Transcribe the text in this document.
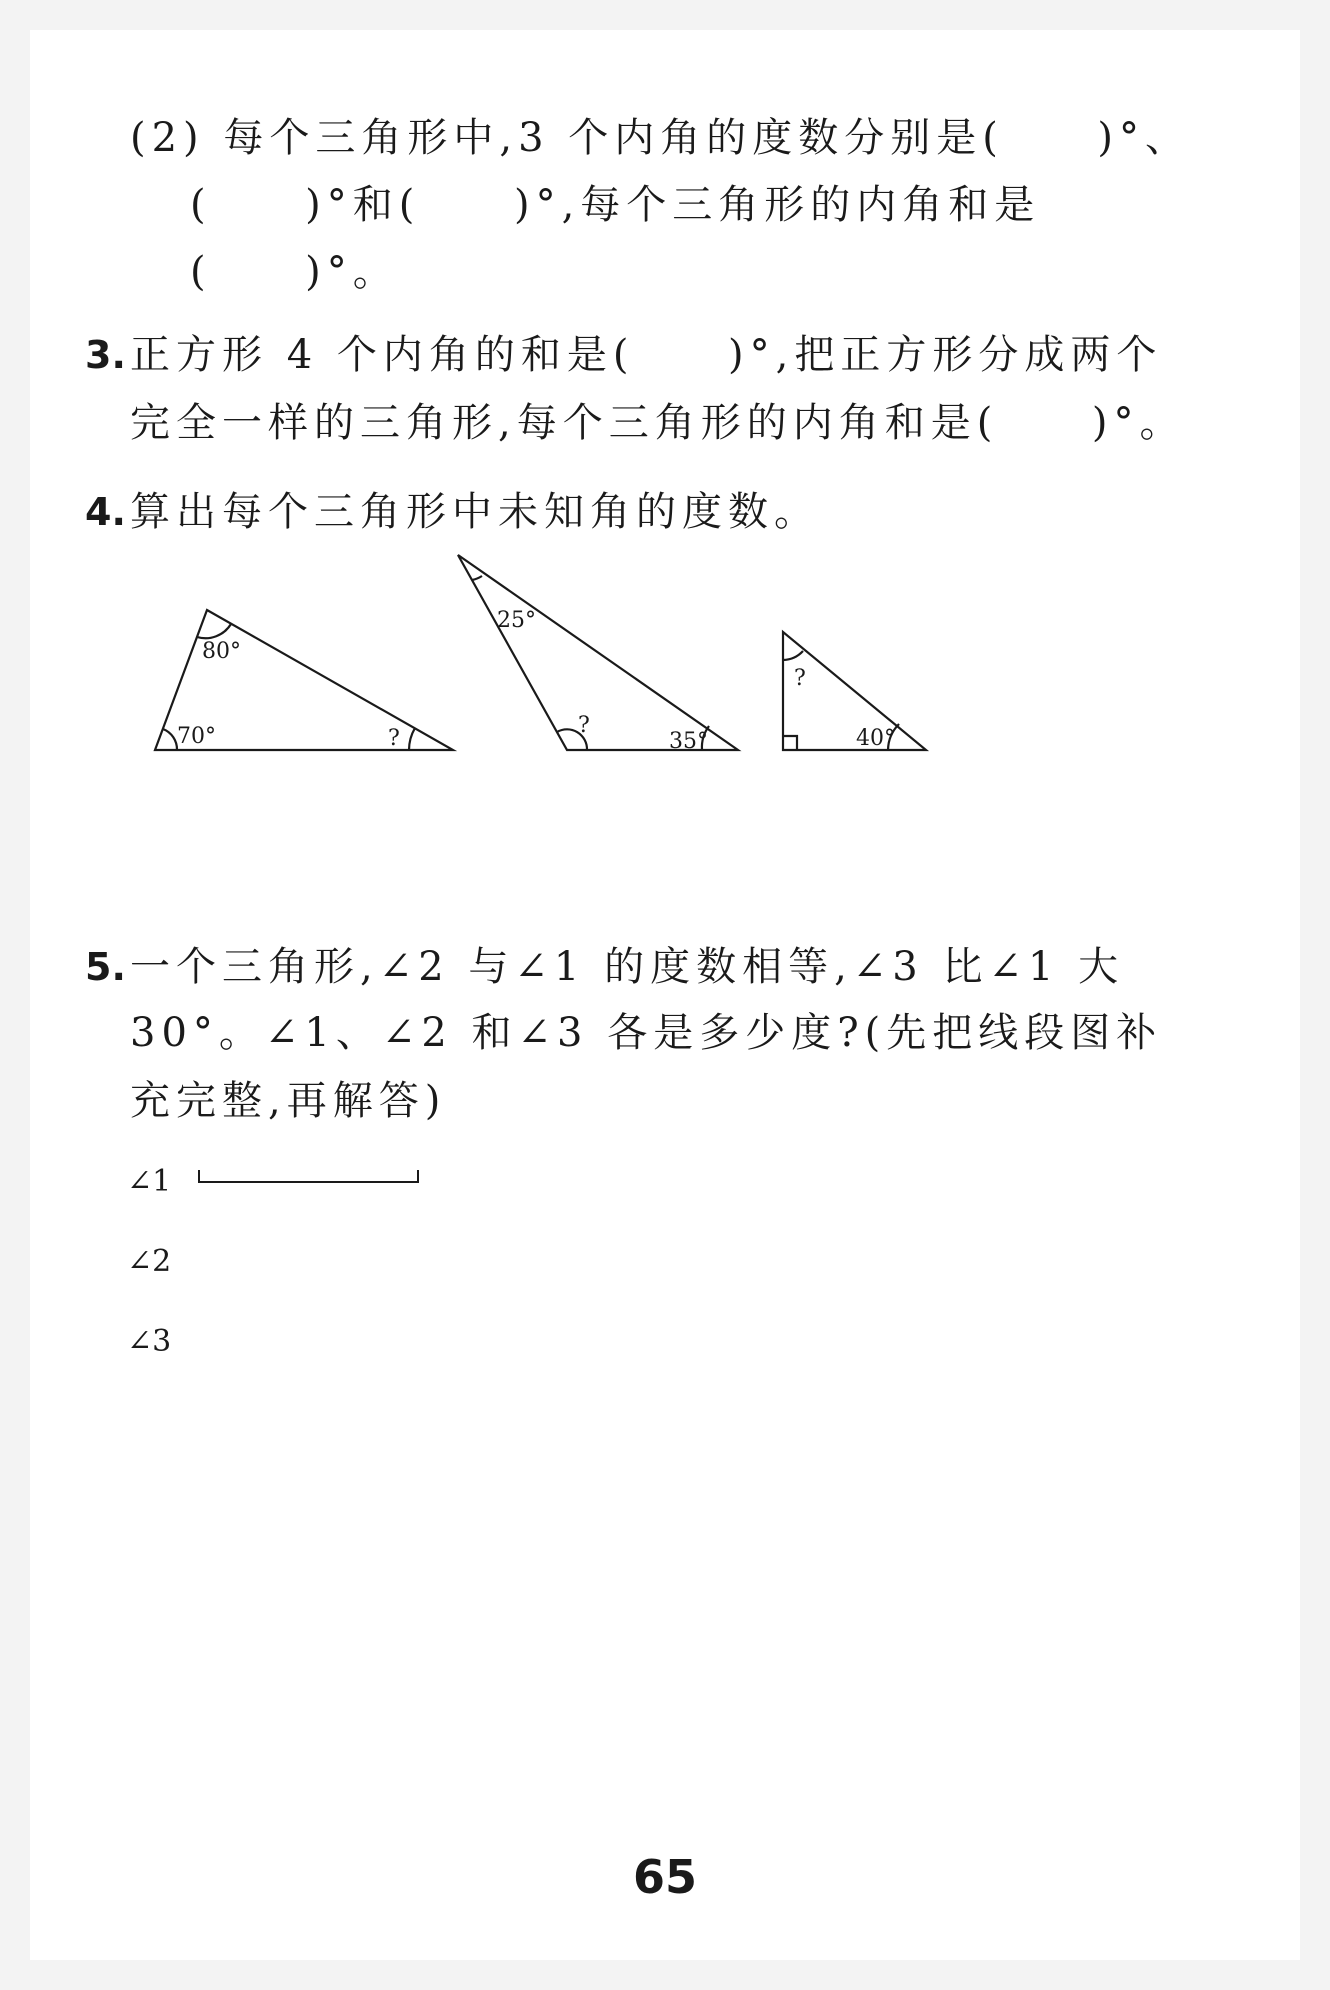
(2) 每个三角形中,3 个内角的度数分别是(     )°、
(     )°和(     )°,每个三角形的内角和是
(     )°。
3. 正方形 4 个内角的和是(     )°,把正方形分成两个
完全一样的三角形,每个三角形的内角和是(     )°。
4. 算出每个三角形中未知角的度数。
80°
70°	?
25°
?
35°
?
40°
5. 一个三角形,∠2 与∠1 的度数相等,∠3 比∠1 大
30°。∠1、∠2 和∠3 各是多少度?(先把线段图补
充完整,再解答)
∠1
∠2
∠3
65
